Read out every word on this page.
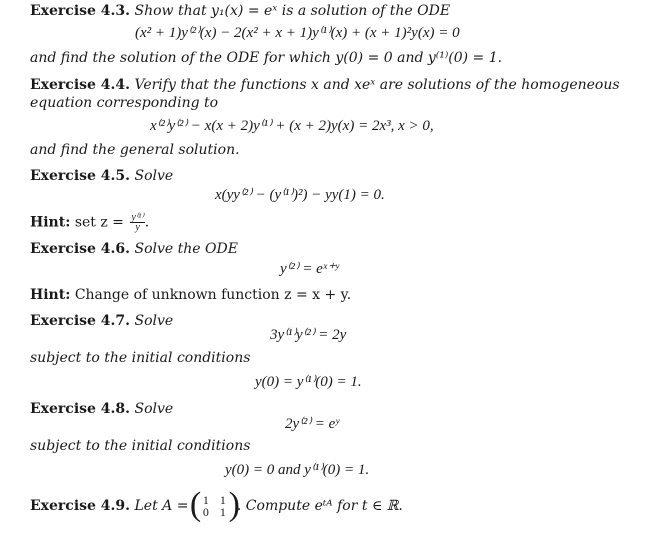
Exercise 4.3. Show that y₁(x) = eˣ is a solution of the ODE
(x² + 1)y⁽²⁾(x) − 2(x² + x + 1)y⁽¹⁾(x) + (x + 1)²y(x) = 0
and find the solution of the ODE for which y(0) = 0 and y⁽¹⁾(0) = 1.
Exercise 4.4. Verify that the functions x and xeˣ are solutions of the homogeneous
equation corresponding to
x⁽²⁾y⁽²⁾ − x(x + 2)y⁽¹⁾ + (x + 2)y(x) = 2x³, x > 0,
and find the general solution.
Exercise 4.5. Solve
x(yy⁽²⁾ − (y⁽¹⁾)²) − yy(1) = 0.
Hint: set $z = \frac{\text{y⁽¹⁾}}{y}$ .
Exercise 4.6. Solve the ODE
y⁽²⁾ = eˣ⁺ʸ
Hint: Change of unknown function z = x + y.
Exercise 4.7. Solve
3y⁽¹⁾y⁽²⁾ = 2y
subject to the initial conditions
y(0) = y⁽¹⁾(0) = 1.
Exercise 4.8. Solve
2y⁽²⁾ = eʸ
subject to the initial conditions
y(0) = 0 and y⁽¹⁾(0) = 1.
Exercise 4.9. Let A = ( 1 1
0 1
)
. Compute eᵗᴬ for t ∈ ℝ.
